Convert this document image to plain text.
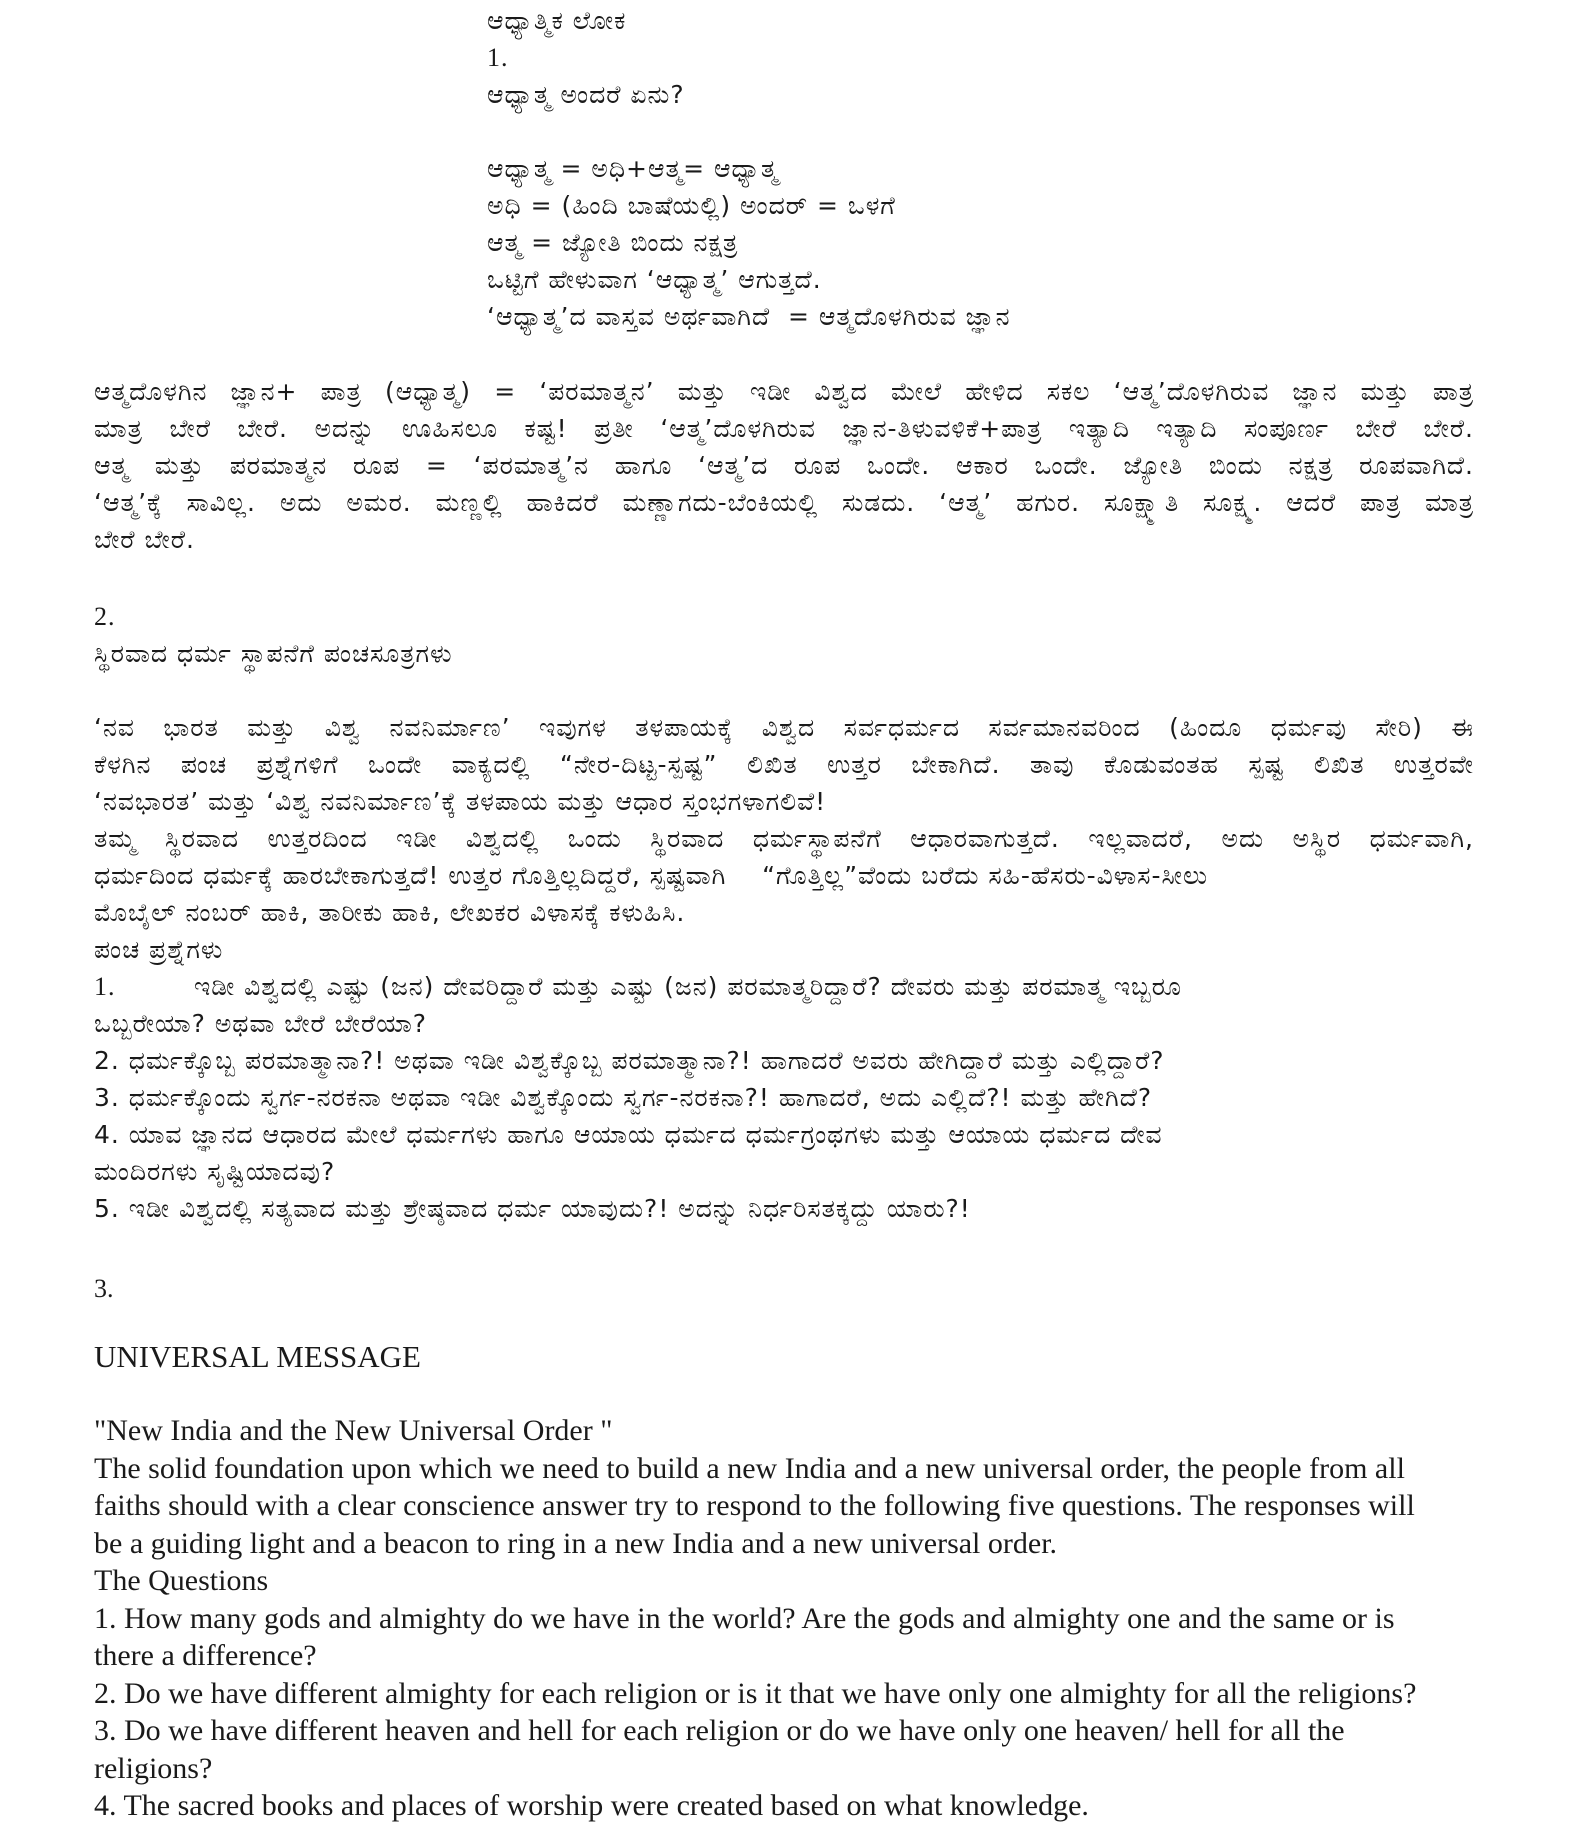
ಆಧ್ಯಾತ್ಮಿಕ ಲೋಕ
1.
ಆಧ್ಯಾತ್ಮ ಅಂದರೆ ಏನು?

ಆಧ್ಯಾತ್ಮ = ಅಧಿ+ಆತ್ಮ= ಆಧ್ಯಾತ್ಮ
ಅಧಿ = (ಹಿಂದಿ ಬಾಷೆಯಲ್ಲಿ) ಅಂದರ್ = ಒಳಗೆ
ಆತ್ಮ = ಜ್ಯೋತಿ ಬಿಂದು ನಕ್ಷತ್ರ
ಒಟ್ಟಿಗೆ ಹೇಳುವಾಗ ‘ಆಧ್ಯಾತ್ಮ’ ಆಗುತ್ತದೆ.
‘ಆಧ್ಯಾತ್ಮ’ದ ವಾಸ್ತವ ಅರ್ಥವಾಗಿದೆ  = ಆತ್ಮದೊಳಗಿರುವ ಜ್ಞಾನ
ಆತ್ಮದೊಳಗಿನ ಜ್ಞಾನ+ ಪಾತ್ರ (ಆಧ್ಯಾತ್ಮ) = ‘ಪರಮಾತ್ಮನ’ ಮತ್ತು ಇಡೀ ವಿಶ್ವದ ಮೇಲೆ ಹೇಳಿದ ಸಕಲ ‘ಆತ್ಮ’ದೊಳಗಿರುವ ಜ್ಞಾನ ಮತ್ತು ಪಾತ್ರ
ಮಾತ್ರ ಬೇರೆ ಬೇರೆ. ಅದನ್ನು ಊಹಿಸಲೂ ಕಷ್ಟ! ಪ್ರತೀ ‘ಆತ್ಮ’ದೊಳಗಿರುವ ಜ್ಞಾನ-ತಿಳುವಳಿಕೆ+ಪಾತ್ರ ಇತ್ಯಾದಿ ಇತ್ಯಾದಿ ಸಂಪೂರ್ಣ ಬೇರೆ ಬೇರೆ.
ಆತ್ಮ ಮತ್ತು ಪರಮಾತ್ಮನ ರೂಪ = ‘ಪರಮಾತ್ಮ’ನ ಹಾಗೂ ‘ಆತ್ಮ’ದ ರೂಪ ಒಂದೇ. ಆಕಾರ ಒಂದೇ. ಜ್ಯೋತಿ ಬಿಂದು ನಕ್ಷತ್ರ ರೂಪವಾಗಿದೆ.
‘ಆತ್ಮ’ಕ್ಕೆ ಸಾವಿಲ್ಲ. ಅದು ಅಮರ. ಮಣ್ಣಲ್ಲಿ ಹಾಕಿದರೆ ಮಣ್ಣಾಗದು-ಬೆಂಕಿಯಲ್ಲಿ ಸುಡದು. ‘ಆತ್ಮ’ ಹಗುರ. ಸೂಕ್ಷ್ಮಾತಿ ಸೂಕ್ಷ್ಮ. ಆದರೆ ಪಾತ್ರ ಮಾತ್ರ
ಬೇರೆ ಬೇರೆ.
2.
ಸ್ಥಿರವಾದ ಧರ್ಮ ಸ್ಥಾಪನೆಗೆ ಪಂಚಸೂತ್ರಗಳು

‘ನವ ಭಾರತ ಮತ್ತು ವಿಶ್ವ ನವನಿರ್ಮಾಣ’ ಇವುಗಳ ತಳಪಾಯಕ್ಕೆ ವಿಶ್ವದ ಸರ್ವಧರ್ಮದ ಸರ್ವಮಾನವರಿಂದ (ಹಿಂದೂ ಧರ್ಮವು ಸೇರಿ) ಈ
ಕೆಳಗಿನ ಪಂಚ ಪ್ರಶ್ನೆಗಳಿಗೆ ಒಂದೇ ವಾಕ್ಯದಲ್ಲಿ “ನೇರ-ದಿಟ್ಟ-ಸ್ಪಷ್ಟ” ಲಿಖಿತ ಉತ್ತರ ಬೇಕಾಗಿದೆ. ತಾವು ಕೊಡುವಂತಹ ಸ್ಪಷ್ಟ ಲಿಖಿತ ಉತ್ತರವೇ
‘ನವಭಾರತ’ ಮತ್ತು ‘ವಿಶ್ವ ನವನಿರ್ಮಾಣ’ಕ್ಕೆ ತಳಪಾಯ ಮತ್ತು ಆಧಾರ ಸ್ತಂಭಗಳಾಗಲಿವೆ!
ತಮ್ಮ ಸ್ಥಿರವಾದ ಉತ್ತರದಿಂದ ಇಡೀ ವಿಶ್ವದಲ್ಲಿ ಒಂದು ಸ್ಥಿರವಾದ ಧರ್ಮಸ್ಥಾಪನೆಗೆ ಆಧಾರವಾಗುತ್ತದೆ. ಇಲ್ಲವಾದರೆ, ಅದು ಅಸ್ಥಿರ ಧರ್ಮವಾಗಿ,
ಧರ್ಮದಿಂದ ಧರ್ಮಕ್ಕೆ ಹಾರಬೇಕಾಗುತ್ತದೆ! ಉತ್ತರ ಗೊತ್ತಿಲ್ಲದಿದ್ದರೆ, ಸ್ಪಷ್ಟವಾಗಿ    “ಗೊತ್ತಿಲ್ಲ”ವೆಂದು ಬರೆದು ಸಹಿ-ಹೆಸರು-ವಿಳಾಸ-ಸೀಲು
ಮೊಬೈಲ್ ನಂಬರ್ ಹಾಕಿ, ತಾರೀಕು ಹಾಕಿ, ಲೇಖಕರ ವಿಳಾಸಕ್ಕೆ ಕಳುಹಿಸಿ.
ಪಂಚ ಪ್ರಶ್ನೆಗಳು
1.	ಇಡೀ ವಿಶ್ವದಲ್ಲಿ ಎಷ್ಟು (ಜನ) ದೇವರಿದ್ದಾರೆ ಮತ್ತು ಎಷ್ಟು (ಜನ) ಪರಮಾತ್ಮರಿದ್ದಾರೆ? ದೇವರು ಮತ್ತು ಪರಮಾತ್ಮ ಇಬ್ಬರೂ
ಒಬ್ಬರೇಯಾ? ಅಥವಾ ಬೇರೆ ಬೇರೆಯಾ?
2. ಧರ್ಮಕ್ಕೊಬ್ಬ ಪರಮಾತ್ಮಾನಾ?! ಅಥವಾ ಇಡೀ ವಿಶ್ವಕ್ಕೊಬ್ಬ ಪರಮಾತ್ಮಾನಾ?! ಹಾಗಾದರೆ ಅವರು ಹೇಗಿದ್ದಾರೆ ಮತ್ತು ಎಲ್ಲಿದ್ದಾರೆ?
3. ಧರ್ಮಕ್ಕೊಂದು ಸ್ವರ್ಗ-ನರಕನಾ ಅಥವಾ ಇಡೀ ವಿಶ್ವಕ್ಕೊಂದು ಸ್ವರ್ಗ-ನರಕನಾ?! ಹಾಗಾದರೆ, ಅದು ಎಲ್ಲಿದೆ?! ಮತ್ತು ಹೇಗಿದೆ?
4. ಯಾವ ಜ್ಞಾನದ ಆಧಾರದ ಮೇಲೆ ಧರ್ಮಗಳು ಹಾಗೂ ಆಯಾಯ ಧರ್ಮದ ಧರ್ಮಗ್ರಂಥಗಳು ಮತ್ತು ಆಯಾಯ ಧರ್ಮದ ದೇವ
ಮಂದಿರಗಳು ಸೃಷ್ಟಿಯಾದವು?
5. ಇಡೀ ವಿಶ್ವದಲ್ಲಿ ಸತ್ಯವಾದ ಮತ್ತು ಶ್ರೇಷ್ಠವಾದ ಧರ್ಮ ಯಾವುದು?! ಅದನ್ನು ನಿರ್ಧರಿಸತಕ್ಕದ್ದು ಯಾರು?!
3.
UNIVERSAL MESSAGE
"New India and the New Universal Order "
The solid foundation upon which we need to build a new India and a new universal order, the people from all
faiths should with a clear conscience answer try to respond to the following five questions. The responses will
be a guiding light and a beacon to ring in a new India and a new universal order.
The Questions
1. How many gods and almighty do we have in the world? Are the gods and almighty one and the same or is
there a difference?
2. Do we have different almighty for each religion or is it that we have only one almighty for all the religions?
3. Do we have different heaven and hell for each religion or do we have only one heaven/ hell for all the
religions?
4. The sacred books and places of worship were created based on what knowledge.
